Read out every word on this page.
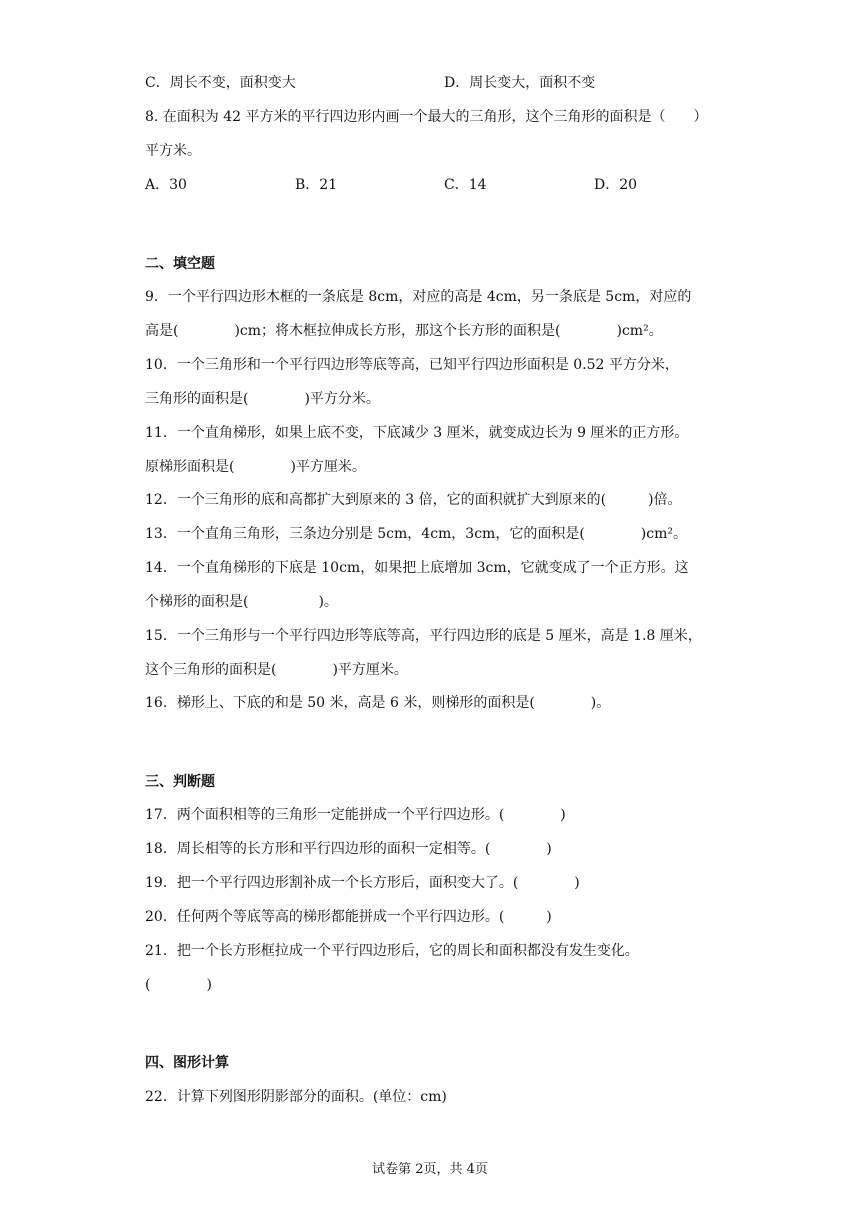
C．周长不变，面积变大	D．周长变大，面积不变
8. 在面积为 42 平方米的平行四边形内画一个最大的三角形，这个三角形的面积是（　　）
平方米。
A．30	B．21	C．14	D．20
二、填空题
9．一个平行四边形木框的一条底是 8cm，对应的高是 4cm，另一条底是 5cm，对应的
高是(　　　　)cm；将木框拉伸成长方形，那这个长方形的面积是(　　　　)cm²。
10．一个三角形和一个平行四边形等底等高，已知平行四边形面积是 0.52 平方分米，
三角形的面积是(　　　　)平方分米。
11．一个直角梯形，如果上底不变，下底减少 3 厘米，就变成边长为 9 厘米的正方形。
原梯形面积是(　　　　)平方厘米。
12．一个三角形的底和高都扩大到原来的 3 倍，它的面积就扩大到原来的(　　　)倍。
13．一个直角三角形，三条边分别是 5cm，4cm，3cm，它的面积是(　　　　)cm²。
14．一个直角梯形的下底是 10cm，如果把上底增加 3cm，它就变成了一个正方形。这
个梯形的面积是(　　　　　)。
15．一个三角形与一个平行四边形等底等高，平行四边形的底是 5 厘米，高是 1.8 厘米，
这个三角形的面积是(　　　　)平方厘米。
16．梯形上、下底的和是 50 米，高是 6 米，则梯形的面积是(　　　　)。
三、判断题
17．两个面积相等的三角形一定能拼成一个平行四边形。(　　　　)
18．周长相等的长方形和平行四边形的面积一定相等。(　　　　)
19．把一个平行四边形割补成一个长方形后，面积变大了。(　　　　)
20．任何两个等底等高的梯形都能拼成一个平行四边形。(　　　)
21．把一个长方形框拉成一个平行四边形后，它的周长和面积都没有发生变化。
(　　　　)
四、图形计算
22．计算下列图形阴影部分的面积。(单位：cm)
试卷第 2页，共 4页
